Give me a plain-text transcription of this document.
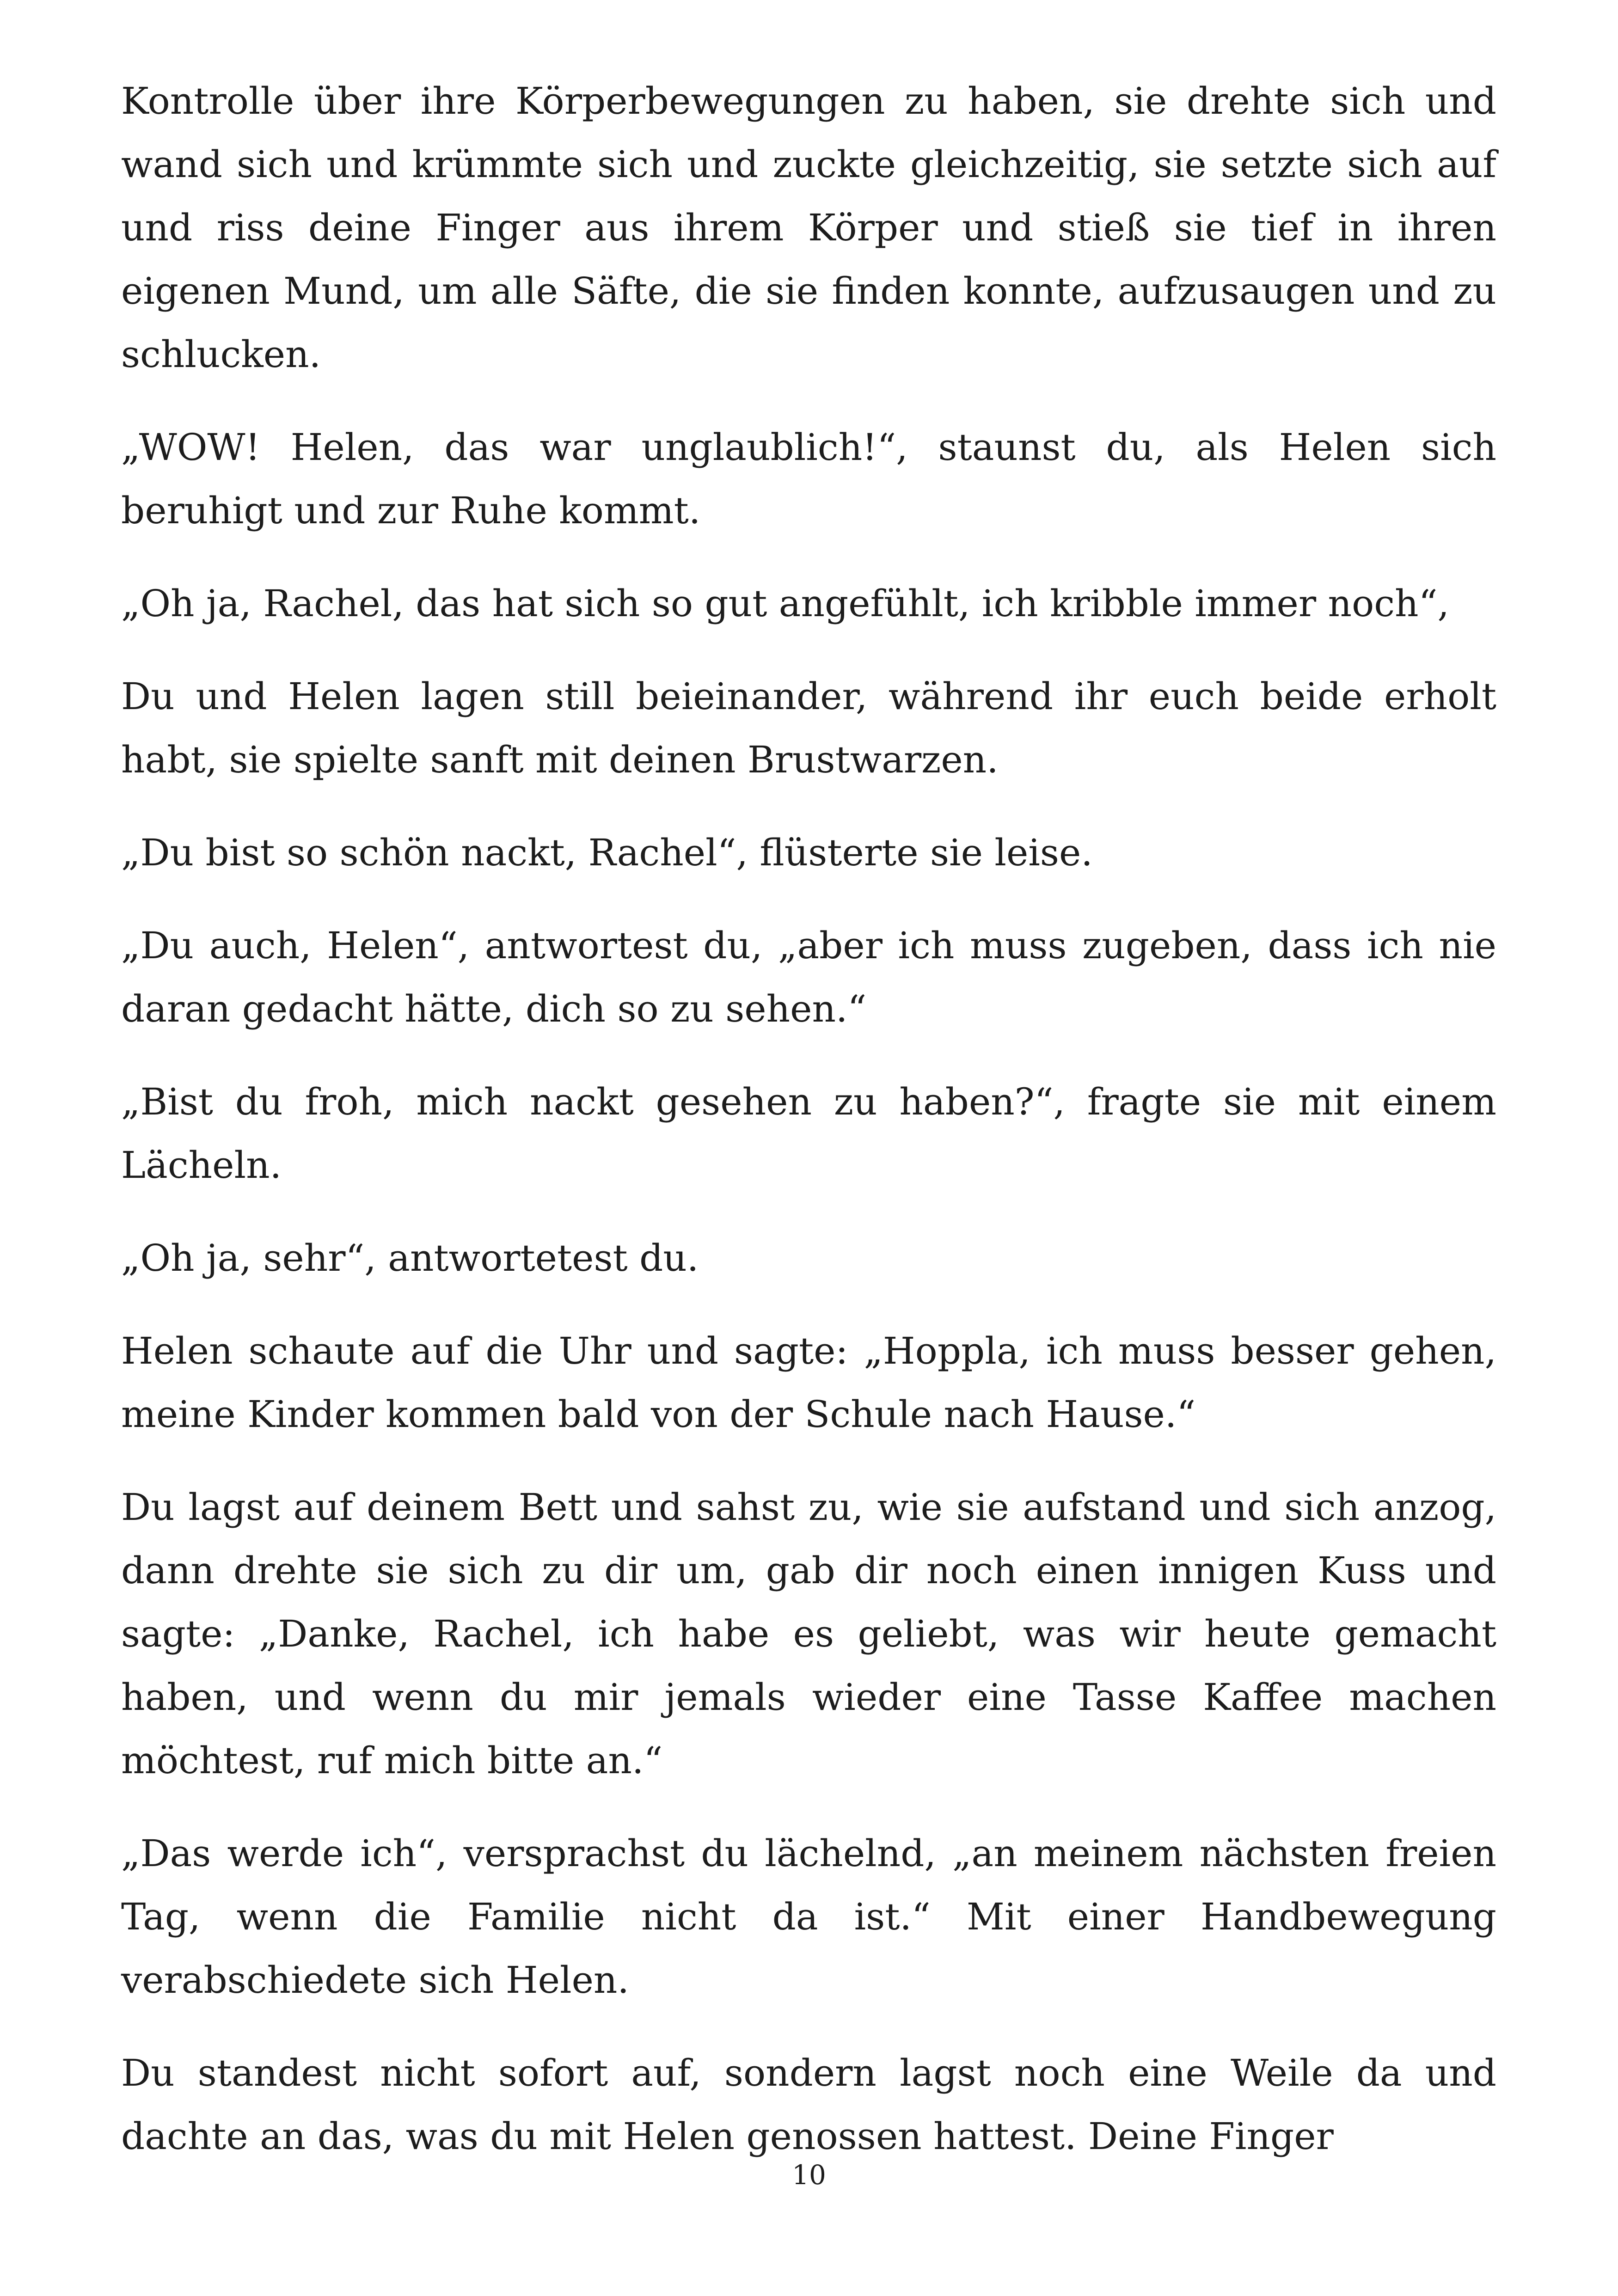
Kontrolle über ihre Körperbewegungen zu haben, sie drehte sich und wand sich und krümmte sich und zuckte gleichzeitig, sie setzte sich auf und riss deine Finger aus ihrem Körper und stieß sie tief in ihren eigenen Mund, um alle Säfte, die sie finden konnte, aufzusaugen und zu schlucken.

„WOW! Helen, das war unglaublich!“, staunst du, als Helen sich beruhigt und zur Ruhe kommt.

„Oh ja, Rachel, das hat sich so gut angefühlt, ich kribble immer noch“,

Du und Helen lagen still beieinander, während ihr euch beide erholt habt, sie spielte sanft mit deinen Brustwarzen.

„Du bist so schön nackt, Rachel“, flüsterte sie leise.

„Du auch, Helen“, antwortest du, „aber ich muss zugeben, dass ich nie daran gedacht hätte, dich so zu sehen.“

„Bist du froh, mich nackt gesehen zu haben?“, fragte sie mit einem Lächeln.

„Oh ja, sehr“, antwortetest du.

Helen schaute auf die Uhr und sagte: „Hoppla, ich muss besser gehen, meine Kinder kommen bald von der Schule nach Hause.“

Du lagst auf deinem Bett und sahst zu, wie sie aufstand und sich anzog, dann drehte sie sich zu dir um, gab dir noch einen innigen Kuss und sagte: „Danke, Rachel, ich habe es geliebt, was wir heute gemacht haben, und wenn du mir jemals wieder eine Tasse Kaffee machen möchtest, ruf mich bitte an.“

„Das werde ich“, versprachst du lächelnd, „an meinem nächsten freien Tag, wenn die Familie nicht da ist.“ Mit einer Handbewegung verabschiedete sich Helen.

Du standest nicht sofort auf, sondern lagst noch eine Weile da und dachte an das, was du mit Helen genossen hattest. Deine Finger

10
